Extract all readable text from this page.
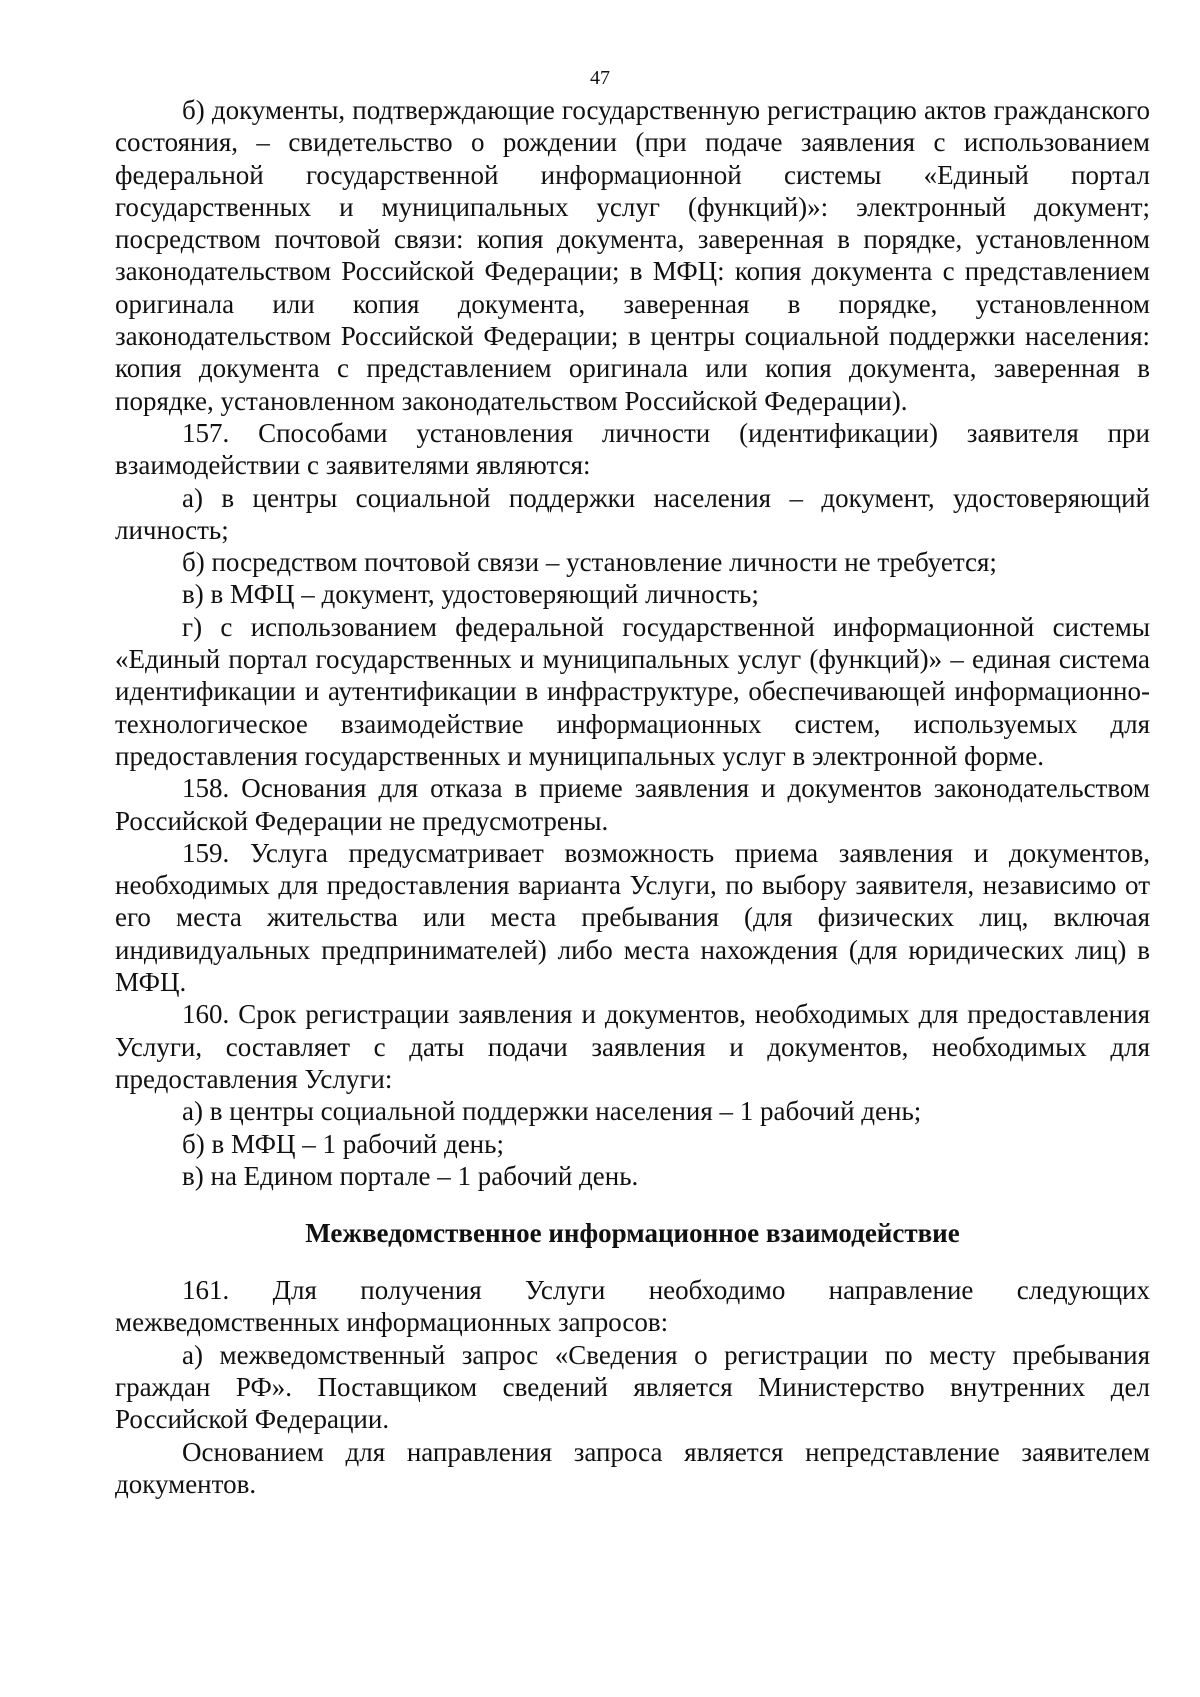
47

б) документы, подтверждающие государственную регистрацию актов гражданского состояния, – свидетельство о рождении (при подаче заявления с использованием федеральной государственной информационной системы «Единый портал государственных и муниципальных услуг (функций)»: электронный документ; посредством почтовой связи: копия документа, заверенная в порядке, установленном законодательством Российской Федерации; в МФЦ: копия документа с представлением оригинала или копия документа, заверенная в порядке, установленном законодательством Российской Федерации; в центры социальной поддержки населения: копия документа с представлением оригинала или копия документа, заверенная в порядке, установленном законодательством Российской Федерации).

157. Способами установления личности (идентификации) заявителя при взаимодействии с заявителями являются:

а) в центры социальной поддержки населения – документ, удостоверяющий личность;

б) посредством почтовой связи – установление личности не требуется;

в) в МФЦ – документ, удостоверяющий личность;

г) с использованием федеральной государственной информационной системы «Единый портал государственных и муниципальных услуг (функций)» – единая система идентификации и аутентификации в инфраструктуре, обеспечивающей информационно-технологическое взаимодействие информационных систем, используемых для предоставления государственных и муниципальных услуг в электронной форме.

158. Основания для отказа в приеме заявления и документов законодательством Российской Федерации не предусмотрены.

159. Услуга предусматривает возможность приема заявления и документов, необходимых для предоставления варианта Услуги, по выбору заявителя, независимо от его места жительства или места пребывания (для физических лиц, включая индивидуальных предпринимателей) либо места нахождения (для юридических лиц) в МФЦ.

160. Срок регистрации заявления и документов, необходимых для предоставления Услуги, составляет с даты подачи заявления и документов, необходимых для предоставления Услуги:

а) в центры социальной поддержки населения – 1 рабочий день;

б) в МФЦ – 1 рабочий день;

в) на Едином портале – 1 рабочий день.

Межведомственное информационное взаимодействие

161. Для получения Услуги необходимо направление следующих межведомственных информационных запросов:

а) межведомственный запрос «Сведения о регистрации по месту пребывания граждан РФ». Поставщиком сведений является Министерство внутренних дел Российской Федерации.

Основанием для направления запроса является непредставление заявителем документов.
